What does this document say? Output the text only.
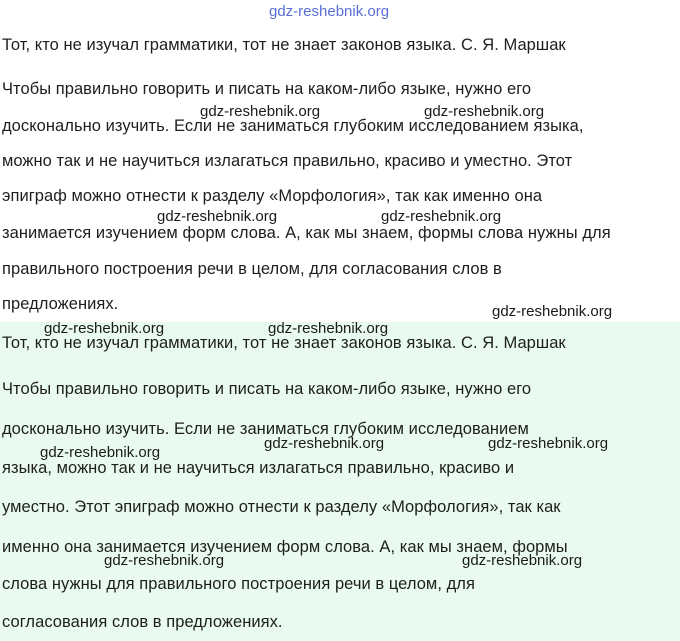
gdz-reshebnik.org
Тот, кто не изучал грамматики, тот не знает законов языка. С. Я. Маршак
Чтобы правильно говорить и писать на каком-либо языке, нужно его
досконально изучить. Если не заниматься глубоким исследованием языка,
можно так и не научиться излагаться правильно, красиво и уместно. Этот
эпиграф можно отнести к разделу «Морфология», так как именно она
занимается изучением форм слова. А, как мы знаем, формы слова нужны для
правильного построения речи в целом, для согласования слов в
предложениях.
Тот, кто не изучал грамматики, тот не знает законов языка. С. Я. Маршак
Чтобы правильно говорить и писать на каком-либо языке, нужно его
досконально изучить. Если не заниматься глубоким исследованием
языка, можно так и не научиться излагаться правильно, красиво и
уместно. Этот эпиграф можно отнести к разделу «Морфология», так как
именно она занимается изучением форм слова. А, как мы знаем, формы
слова нужны для правильного построения речи в целом, для
согласования слов в предложениях.
gdz-reshebnik.org	gdz-reshebnik.org
gdz-reshebnik.org	gdz-reshebnik.org
gdz-reshebnik.org
gdz-reshebnik.org	gdz-reshebnik.org
gdz-reshebnik.org	gdz-reshebnik.org
gdz-reshebnik.org
gdz-reshebnik.org	gdz-reshebnik.org
